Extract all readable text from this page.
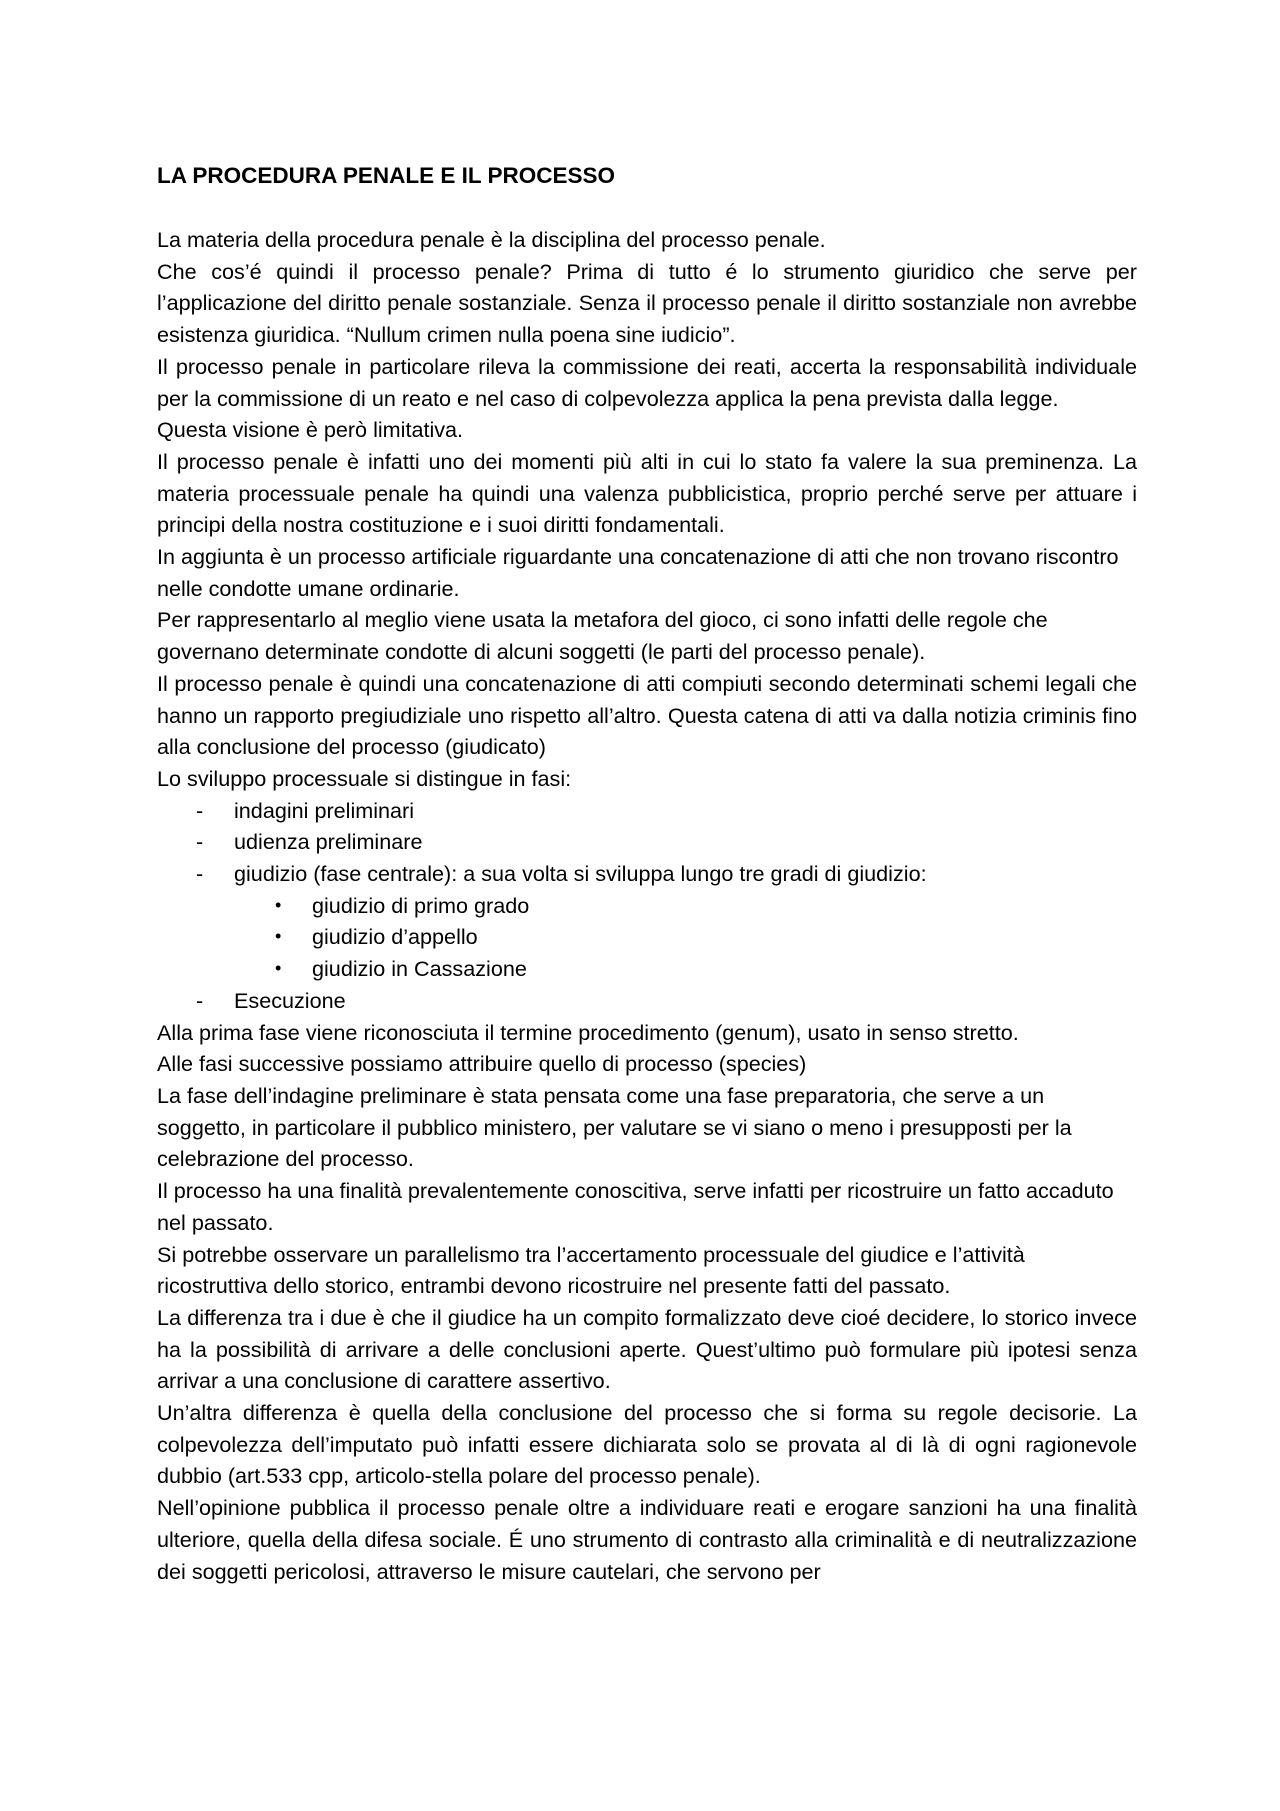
LA PROCEDURA PENALE E IL PROCESSO

La materia della procedura penale è la disciplina del processo penale.

Che cos’é quindi il processo penale? Prima di tutto é lo strumento giuridico che serve per l’applicazione del diritto penale sostanziale. Senza il processo penale il diritto sostanziale non avrebbe esistenza giuridica. “Nullum crimen nulla poena sine iudicio”.

Il processo penale in particolare rileva la commissione dei reati, accerta la responsabilità individuale per la commissione di un reato e nel caso di colpevolezza applica la pena prevista dalla legge.

Questa visione è però limitativa.

Il processo penale è infatti uno dei momenti più alti in cui lo stato fa valere la sua preminenza. La materia processuale penale ha quindi una valenza pubblicistica, proprio perché serve per attuare i principi della nostra costituzione e i suoi diritti fondamentali.

In aggiunta è un processo artificiale riguardante una concatenazione di atti che non trovano riscontro nelle condotte umane ordinarie.

Per rappresentarlo al meglio viene usata la metafora del gioco, ci sono infatti delle regole che governano determinate condotte di alcuni soggetti (le parti del processo penale).

Il processo penale è quindi una concatenazione di atti compiuti secondo determinati schemi legali che hanno un rapporto pregiudiziale uno rispetto all’altro. Questa catena di atti va dalla notizia criminis fino alla conclusione del processo (giudicato)

Lo sviluppo processuale si distingue in fasi:

- indagini preliminari
- udienza preliminare
- giudizio (fase centrale): a sua volta si sviluppa lungo tre gradi di giudizio:
• giudizio di primo grado
• giudizio d’appello
• giudizio in Cassazione
- Esecuzione

Alla prima fase viene riconosciuta il termine procedimento (genum), usato in senso stretto.

Alle fasi successive possiamo attribuire quello di processo (species)

La fase dell’indagine preliminare è stata pensata come una fase preparatoria, che serve a un soggetto, in particolare il pubblico ministero, per valutare se vi siano o meno i presupposti per la celebrazione del processo.

Il processo ha una finalità prevalentemente conoscitiva, serve infatti per ricostruire un fatto accaduto nel passato.

Si potrebbe osservare un parallelismo tra l’accertamento processuale del giudice e l’attività ricostruttiva dello storico, entrambi devono ricostruire nel presente fatti del passato.

La differenza tra i due è che il giudice ha un compito formalizzato deve cioé decidere, lo storico invece ha la possibilità di arrivare a delle conclusioni aperte. Quest’ultimo può formulare più ipotesi senza arrivar a una conclusione di carattere assertivo.

Un’altra differenza è quella della conclusione del processo che si forma su regole decisorie. La colpevolezza dell’imputato può infatti essere dichiarata solo se provata al di là di ogni ragionevole dubbio (art.533 cpp, articolo-stella polare del processo penale).

Nell’opinione pubblica il processo penale oltre a individuare reati e erogare sanzioni ha una finalità ulteriore, quella della difesa sociale. É uno strumento di contrasto alla criminalità e di neutralizzazione dei soggetti pericolosi, attraverso le misure cautelari, che servono per
